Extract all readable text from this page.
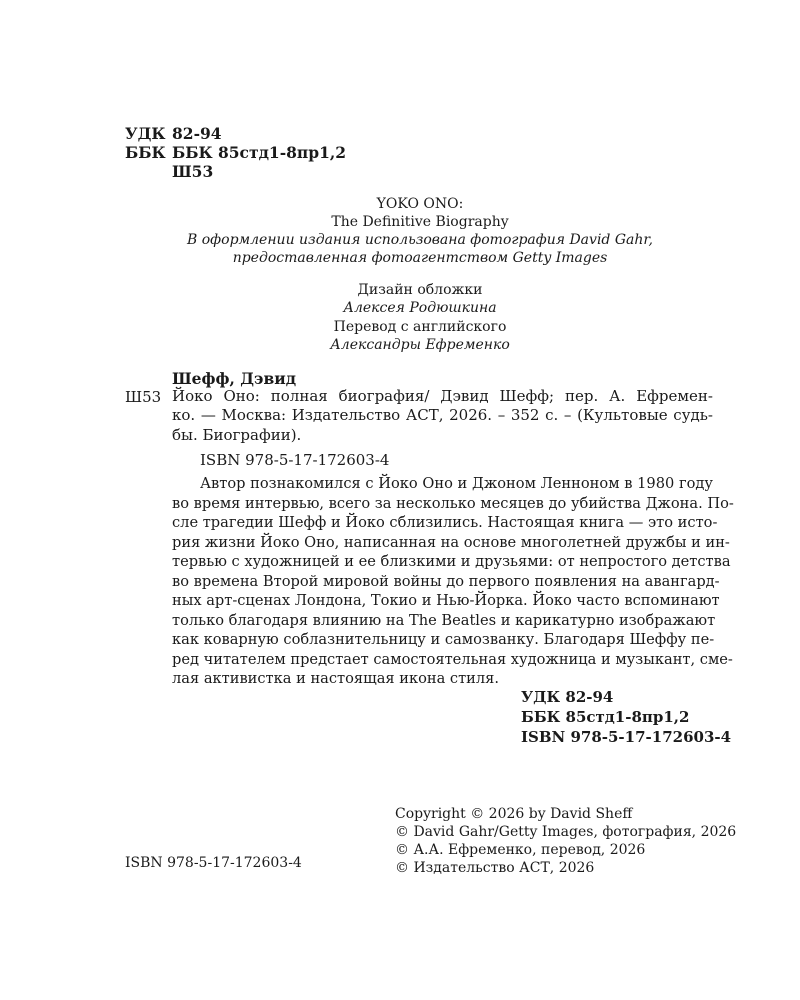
УДК 82-94
ББК ББК 85стд1-8пр1,2
Ш53
YOKO ONO:
The Definitive Biography
В оформлении издания использована фотография David Gahr,
предоставленная фотоагентством Getty Images
Дизайн обложки
Алексея Родюшкина
Перевод с английского
Александры Ефременко
Шефф, Дэвид
Ш53 Йоко Оно: полная биография/ Дэвид Шефф; пер. А. Ефремен-
ко. — Москва: Издательство АСТ, 2026. – 352 с. – (Культовые судь-
бы. Биографии).
ISBN 978-5-17-172603-4
Автор познакомился с Йоко Оно и Джоном Ленноном в 1980 году
во время интервью, всего за несколько месяцев до убийства Джона. По-
сле трагедии Шефф и Йоко сблизились. Настоящая книга — это исто-
рия жизни Йоко Оно, написанная на основе многолетней дружбы и ин-
тервью с художницей и ее близкими и друзьями: от непростого детства
во времена Второй мировой войны до первого появления на авангард-
ных арт-сценах Лондона, Токио и Нью-Йорка. Йоко часто вспоминают
только благодаря влиянию на The Beatles и карикатурно изображают
как коварную соблазнительницу и самозванку. Благодаря Шеффу пе-
ред читателем предстает самостоятельная художница и музыкант, сме-
лая активистка и настоящая икона стиля.
УДК 82-94
ББК 85стд1-8пр1,2
ISBN 978-5-17-172603-4
Copyright © 2026 by David Sheff
© David Gahr/Getty Images, фотография, 2026
© А.А. Ефременко, перевод, 2026
© Издательство АСТ, 2026
ISBN 978-5-17-172603-4
